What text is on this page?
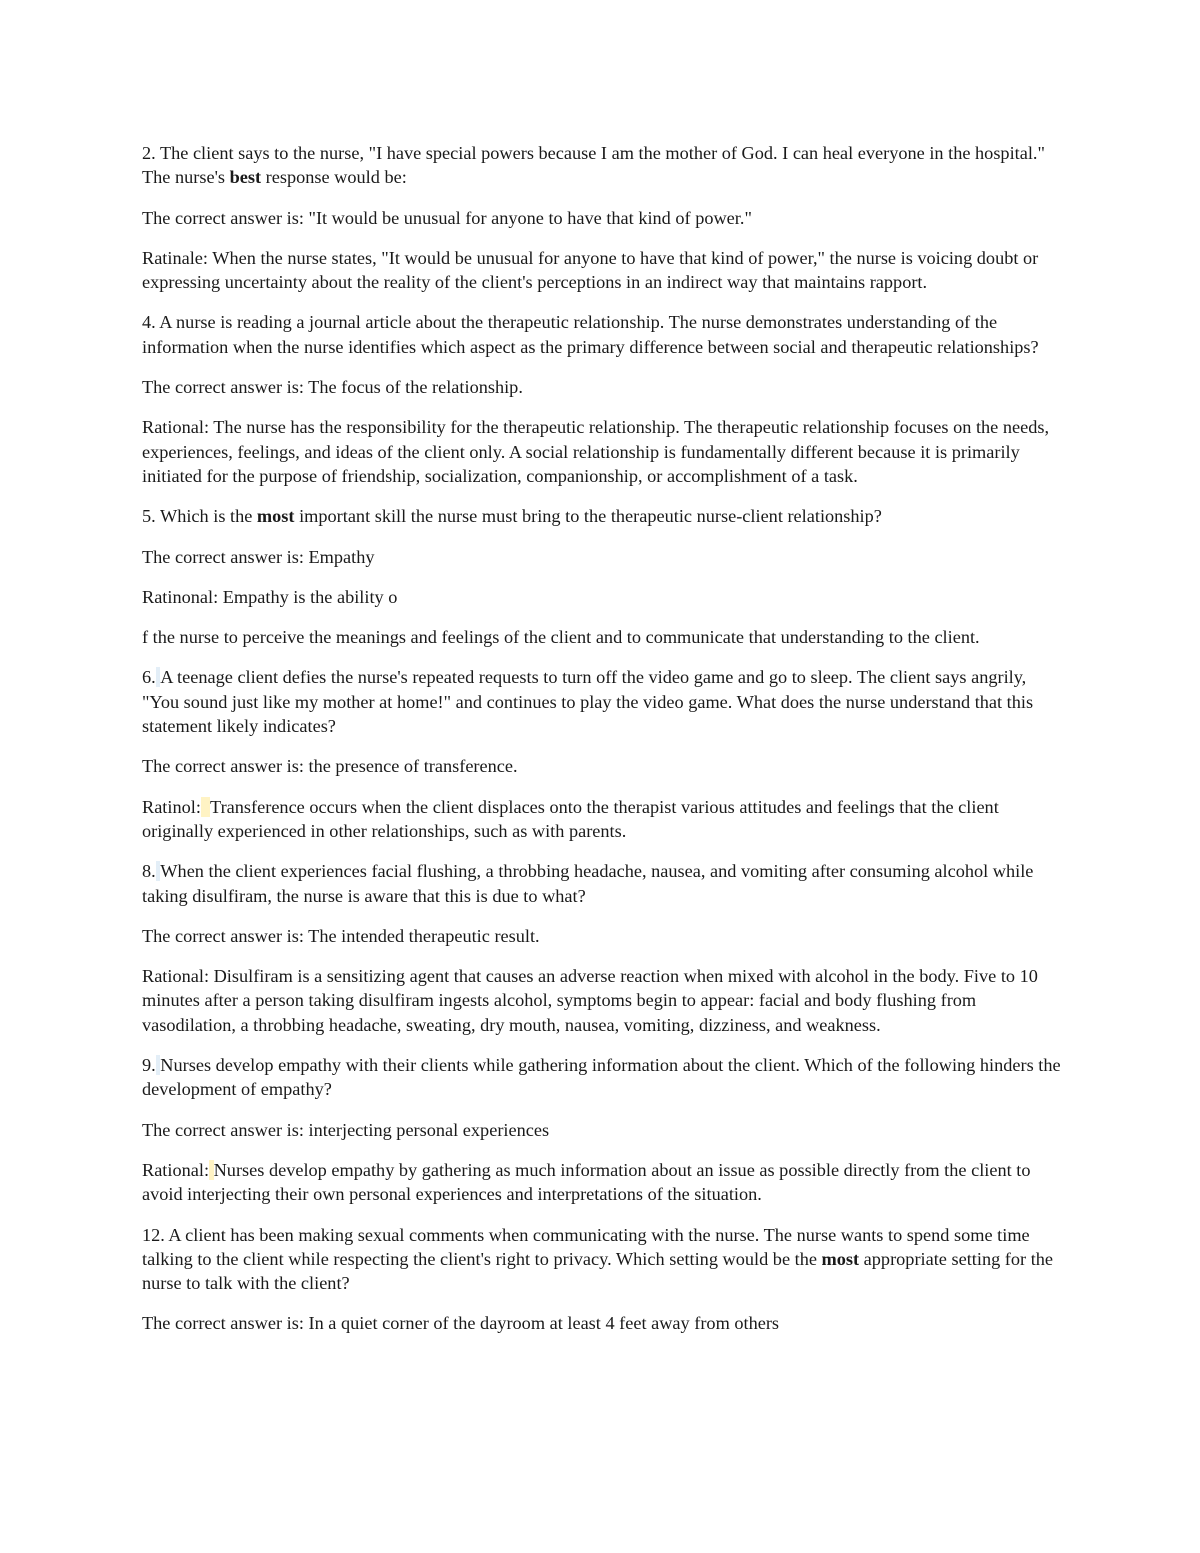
2. The client says to the nurse, "I have special powers because I am the mother of God. I can heal everyone in the hospital." The nurse's best response would be:

The correct answer is: "It would be unusual for anyone to have that kind of power."

Ratinale: When the nurse states, "It would be unusual for anyone to have that kind of power," the nurse is voicing doubt or expressing uncertainty about the reality of the client's perceptions in an indirect way that maintains rapport.

4. A nurse is reading a journal article about the therapeutic relationship. The nurse demonstrates understanding of the information when the nurse identifies which aspect as the primary difference between social and therapeutic relationships?

The correct answer is: The focus of the relationship.

Rational: The nurse has the responsibility for the therapeutic relationship. The therapeutic relationship focuses on the needs, experiences, feelings, and ideas of the client only. A social relationship is fundamentally different because it is primarily initiated for the purpose of friendship, socialization, companionship, or accomplishment of a task.

5. Which is the most important skill the nurse must bring to the therapeutic nurse-client relationship?

The correct answer is: Empathy

Ratinonal: Empathy is the ability o

f the nurse to perceive the meanings and feelings of the client and to communicate that understanding to the client.

6. A teenage client defies the nurse's repeated requests to turn off the video game and go to sleep. The client says angrily, "You sound just like my mother at home!" and continues to play the video game. What does the nurse understand that this statement likely indicates?

The correct answer is: the presence of transference.

Ratinol: Transference occurs when the client displaces onto the therapist various attitudes and feelings that the client originally experienced in other relationships, such as with parents.

8. When the client experiences facial flushing, a throbbing headache, nausea, and vomiting after consuming alcohol while taking disulfiram, the nurse is aware that this is due to what?

The correct answer is: The intended therapeutic result.

Rational: Disulfiram is a sensitizing agent that causes an adverse reaction when mixed with alcohol in the body. Five to 10 minutes after a person taking disulfiram ingests alcohol, symptoms begin to appear: facial and body flushing from vasodilation, a throbbing headache, sweating, dry mouth, nausea, vomiting, dizziness, and weakness.

9. Nurses develop empathy with their clients while gathering information about the client. Which of the following hinders the development of empathy?

The correct answer is: interjecting personal experiences

Rational: Nurses develop empathy by gathering as much information about an issue as possible directly from the client to avoid interjecting their own personal experiences and interpretations of the situation.

12. A client has been making sexual comments when communicating with the nurse. The nurse wants to spend some time talking to the client while respecting the client's right to privacy. Which setting would be the most appropriate setting for the nurse to talk with the client?

The correct answer is: In a quiet corner of the dayroom at least 4 feet away from others
